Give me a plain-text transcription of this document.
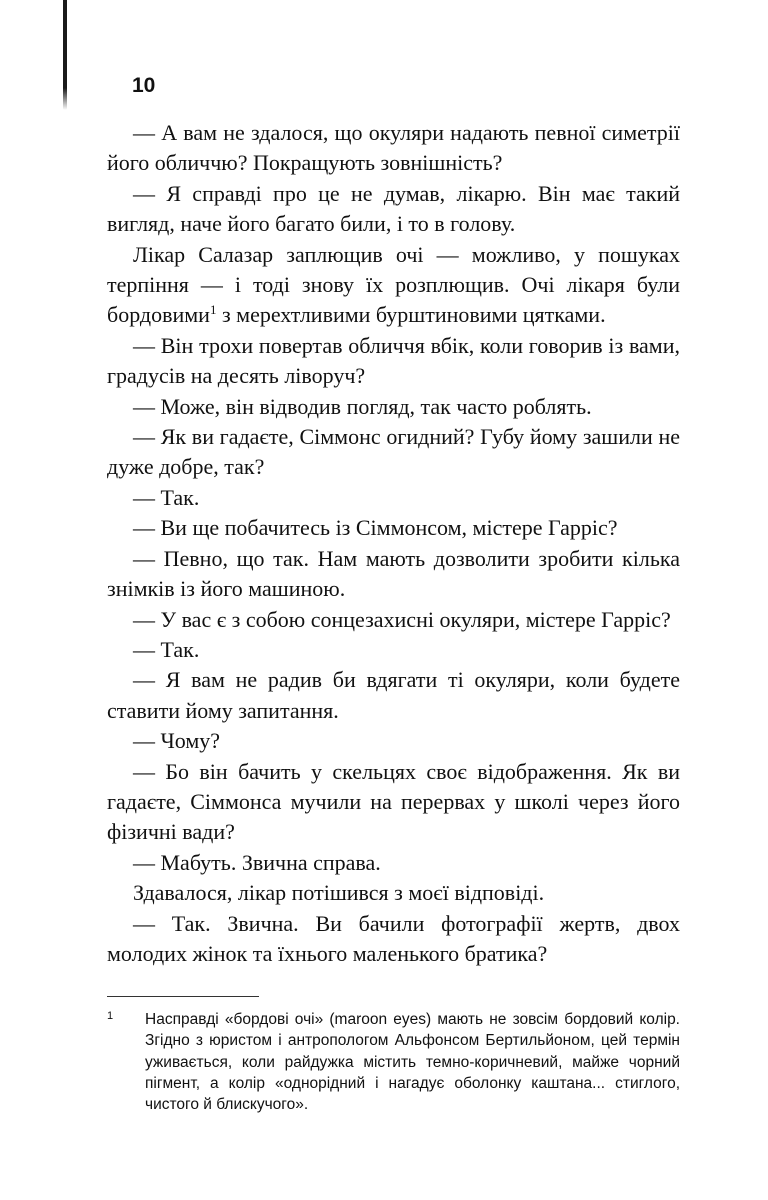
10

— А вам не здалося, що окуляри надають певної симетрії його обличчю? Покращують зовнішність?

— Я справді про це не думав, лікарю. Він має такий вигляд, наче його багато били, і то в голову.

Лікар Салазар заплющив очі — можливо, у пошуках терпіння — і тоді знову їх розплющив. Очі лікаря були бордовими$^1$ з мерехтливими бурштиновими цятками.

— Він трохи повертав обличчя вбік, коли говорив із вами, градусів на десять ліворуч?

— Може, він відводив погляд, так часто роблять.

— Як ви гадаєте, Сіммонс огидний? Губу йому зашили не дуже добре, так?

— Так.

— Ви ще побачитесь із Сіммонсом, містере Гарріс?

— Певно, що так. Нам мають дозволити зробити кілька знімків із його машиною.

— У вас є з собою сонцезахисні окуляри, містере Гарріс?

— Так.

— Я вам не радив би вдягати ті окуляри, коли будете ставити йому запитання.

— Чому?

— Бо він бачить у скельцях своє відображення. Як ви гадаєте, Сіммонса мучили на перервах у школі через його фізичні вади?

— Мабуть. Звична справа.

Здавалося, лікар потішився з моєї відповіді.

— Так. Звична. Ви бачили фотографії жертв, двох молодих жінок та їхнього маленького братика?

1 Насправді «бордові очі» (maroon eyes) мають не зовсім бордовий колір. Згідно з юристом і антропологом Альфонсом Бертильйоном, цей термін уживається, коли райдужка містить темно-коричневий, майже чорний пігмент, а колір «однорідний і нагадує оболонку каштана... стиглого, чистого й блискучого».
